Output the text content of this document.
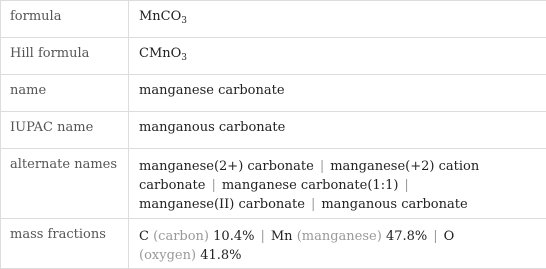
formula	MnCO$_3$
Hill formula	CMnO$_3$
name	manganese carbonate
IUPAC name	manganous carbonate
alternate names	manganese(2+) carbonate | manganese(+2) cation
carbonate | manganese carbonate(1:1) |
manganese(II) carbonate | manganous carbonate

mass fractions	C (carbon) 10.4% | Mn (manganese) 47.8% | O
(oxygen) 41.8%
